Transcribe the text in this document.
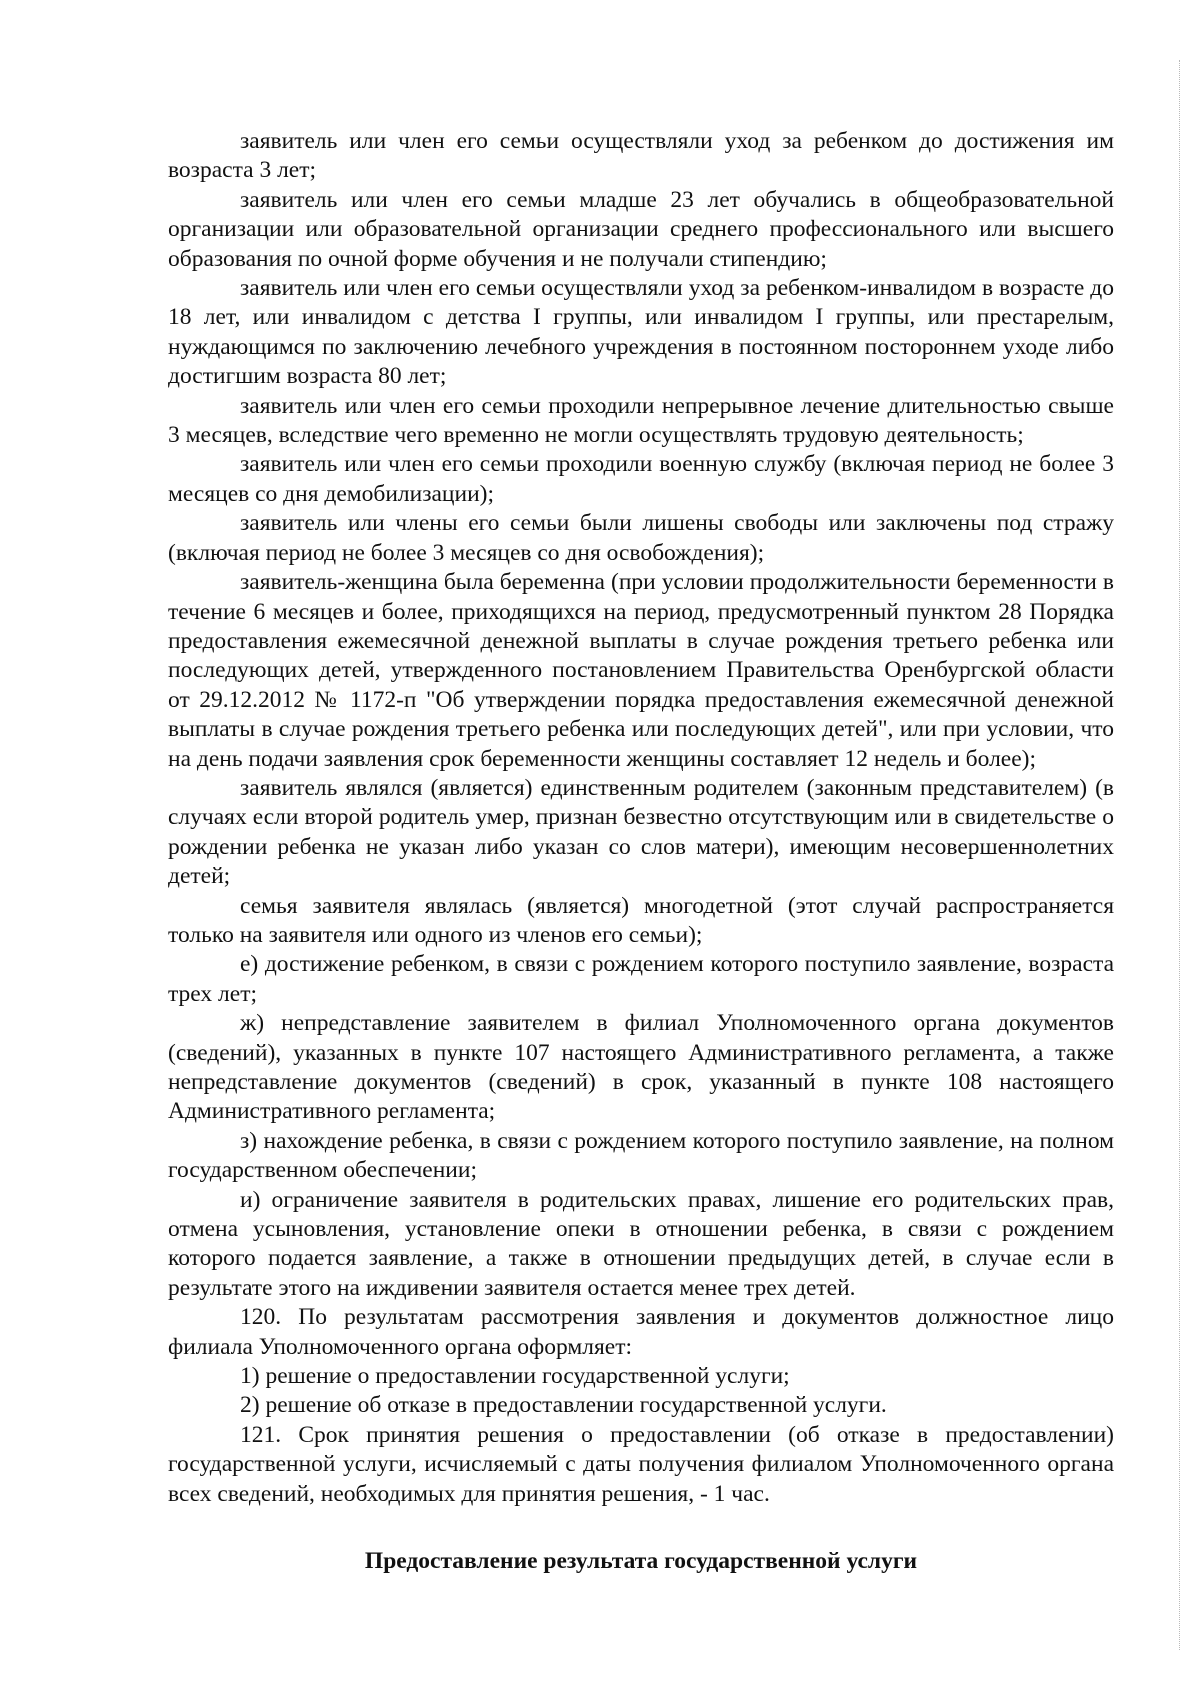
заявитель или член его семьи осуществляли уход за ребенком до достижения им возраста 3 лет;

заявитель или член его семьи младше 23 лет обучались в общеобразовательной организации или образовательной организации среднего профессионального или высшего образования по очной форме обучения и не получали стипендию;

заявитель или член его семьи осуществляли уход за ребенком-инвалидом в возрасте до 18 лет, или инвалидом с детства I группы, или инвалидом I группы, или престарелым, нуждающимся по заключению лечебного учреждения в постоянном постороннем уходе либо достигшим возраста 80 лет;

заявитель или член его семьи проходили непрерывное лечение длительностью свыше 3 месяцев, вследствие чего временно не могли осуществлять трудовую деятельность;

заявитель или член его семьи проходили военную службу (включая период не более 3 месяцев со дня демобилизации);

заявитель или члены его семьи были лишены свободы или заключены под стражу (включая период не более 3 месяцев со дня освобождения);

заявитель-женщина была беременна (при условии продолжительности беременности в течение 6 месяцев и более, приходящихся на период, предусмотренный пунктом 28 Порядка предоставления ежемесячной денежной выплаты в случае рождения третьего ребенка или последующих детей, утвержденного постановлением Правительства Оренбургской области от 29.12.2012 № 1172-п "Об утверждении порядка предоставления ежемесячной денежной выплаты в случае рождения третьего ребенка или последующих детей", или при условии, что на день подачи заявления срок беременности женщины составляет 12 недель и более);

заявитель являлся (является) единственным родителем (законным представителем) (в случаях если второй родитель умер, признан безвестно отсутствующим или в свидетельстве о рождении ребенка не указан либо указан со слов матери), имеющим несовершеннолетних детей;

семья заявителя являлась (является) многодетной (этот случай распространяется только на заявителя или одного из членов его семьи);

е) достижение ребенком, в связи с рождением которого поступило заявление, возраста трех лет;

ж) непредставление заявителем в филиал Уполномоченного органа документов (сведений), указанных в пункте 107 настоящего Административного регламента, а также непредставление документов (сведений) в срок, указанный в пункте 108 настоящего Административного регламента;

з) нахождение ребенка, в связи с рождением которого поступило заявление, на полном государственном обеспечении;

и) ограничение заявителя в родительских правах, лишение его родительских прав, отмена усыновления, установление опеки в отношении ребенка, в связи с рождением которого подается заявление, а также в отношении предыдущих детей, в случае если в результате этого на иждивении заявителя остается менее трех детей.

120. По результатам рассмотрения заявления и документов должностное лицо филиала Уполномоченного органа оформляет:

1) решение о предоставлении государственной услуги;

2) решение об отказе в предоставлении государственной услуги.

121. Срок принятия решения о предоставлении (об отказе в предоставлении) государственной услуги, исчисляемый с даты получения филиалом Уполномоченного органа всех сведений, необходимых для принятия решения, - 1 час.

Предоставление результата государственной услуги
